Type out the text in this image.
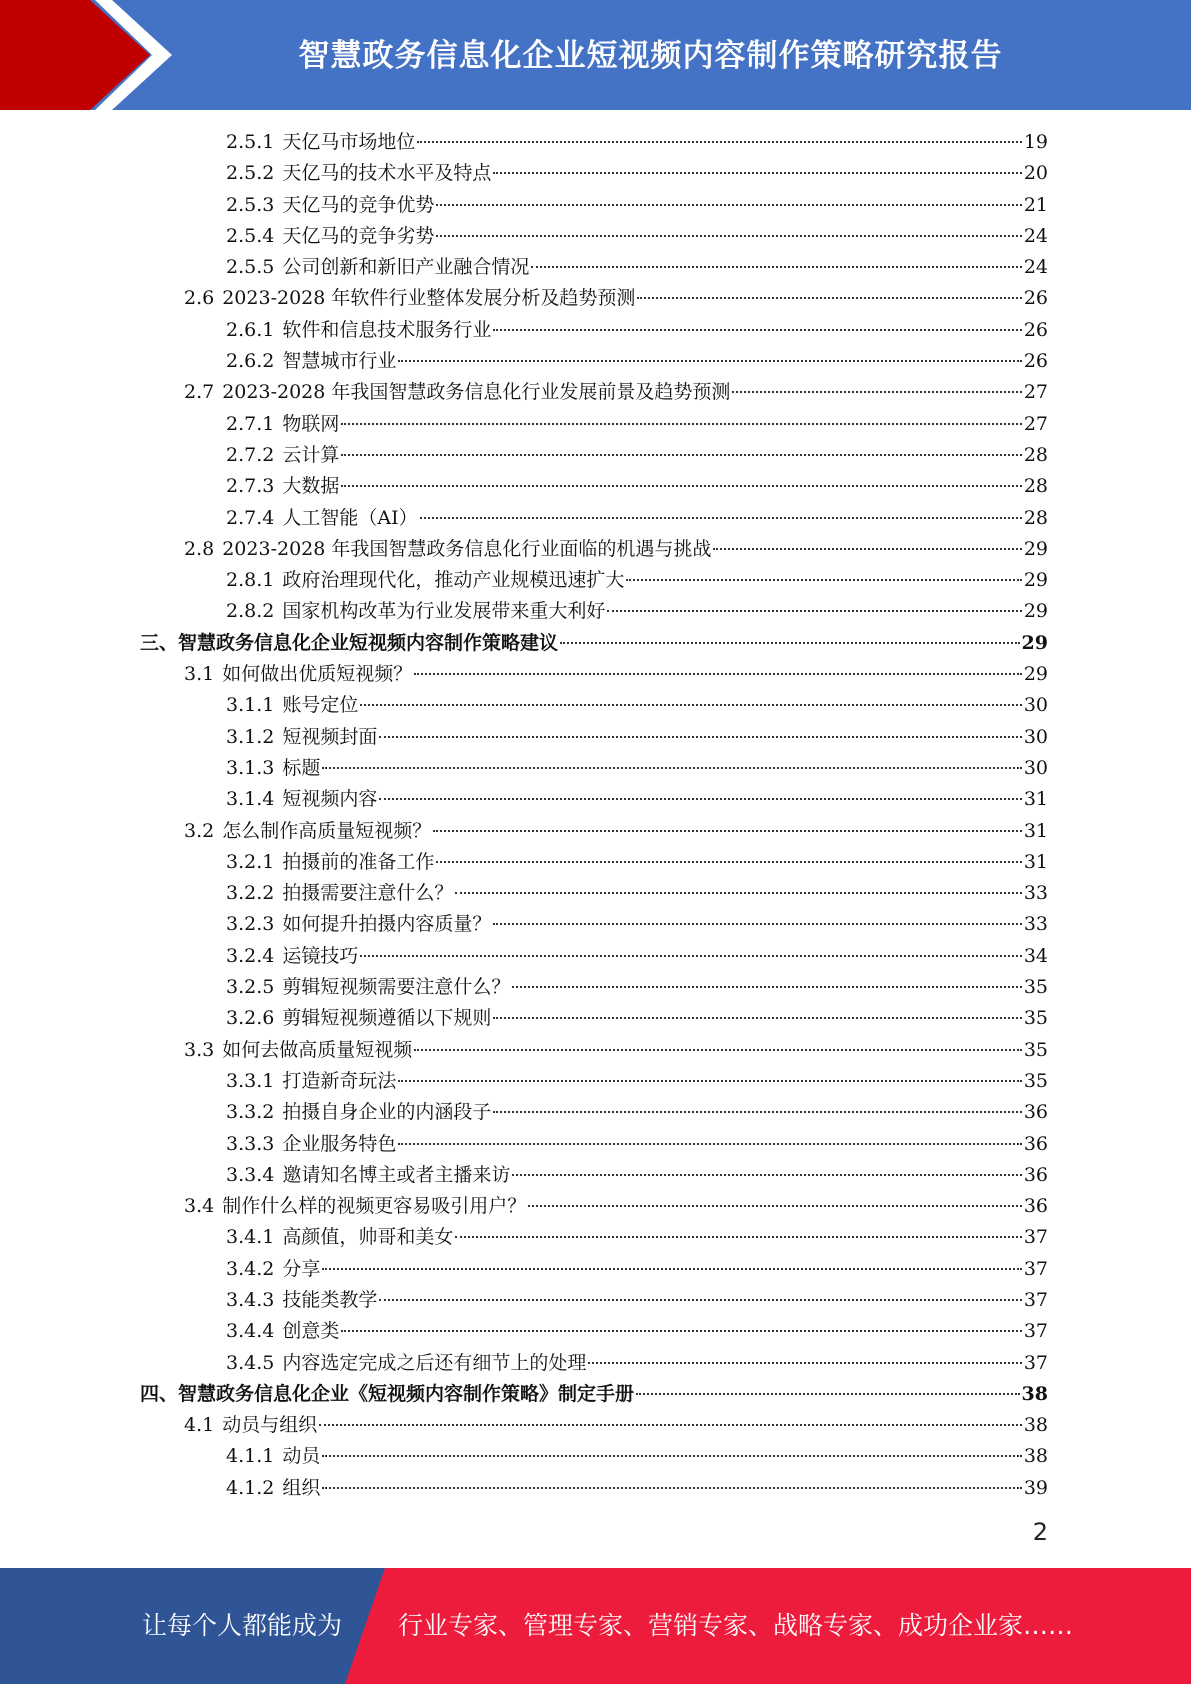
智慧政务信息化企业短视频内容制作策略研究报告
2.5.1 天亿马市场地位	19
2.5.2 天亿马的技术水平及特点	20
2.5.3 天亿马的竞争优势	21
2.5.4 天亿马的竞争劣势	24
2.5.5 公司创新和新旧产业融合情况	24
2.6 2023-2028 年软件行业整体发展分析及趋势预测	26
2.6.1 软件和信息技术服务行业	26
2.6.2 智慧城市行业	26
2.7 2023-2028 年我国智慧政务信息化行业发展前景及趋势预测	27
2.7.1 物联网	27
2.7.2 云计算	28
2.7.3 大数据	28
2.7.4 人工智能（AI）	28
2.8 2023-2028 年我国智慧政务信息化行业面临的机遇与挑战	29
2.8.1 政府治理现代化，推动产业规模迅速扩大	29
2.8.2 国家机构改革为行业发展带来重大利好	29
三、 智慧政务信息化企业短视频内容制作策略建议	29
3.1 如何做出优质短视频？	29
3.1.1 账号定位	30
3.1.2 短视频封面	30
3.1.3 标题	30
3.1.4 短视频内容	31
3.2 怎么制作高质量短视频？	31
3.2.1 拍摄前的准备工作	31
3.2.2 拍摄需要注意什么？	33
3.2.3 如何提升拍摄内容质量？	33
3.2.4 运镜技巧	34
3.2.5 剪辑短视频需要注意什么？	35
3.2.6 剪辑短视频遵循以下规则	35
3.3 如何去做高质量短视频	35
3.3.1 打造新奇玩法	35
3.3.2 拍摄自身企业的内涵段子	36
3.3.3 企业服务特色	36
3.3.4 邀请知名博主或者主播来访	36
3.4 制作什么样的视频更容易吸引用户？	36
3.4.1 高颜值，帅哥和美女	37
3.4.2 分享	37
3.4.3 技能类教学	37
3.4.4 创意类	37
3.4.5 内容选定完成之后还有细节上的处理	37
四、 智慧政务信息化企业《短视频内容制作策略》制定手册	38
4.1 动员与组织	38
4.1.1 动员	38
4.1.2 组织	39
2
让每个人都能成为 行业专家、管理专家、营销专家、战略专家、成功企业家……
